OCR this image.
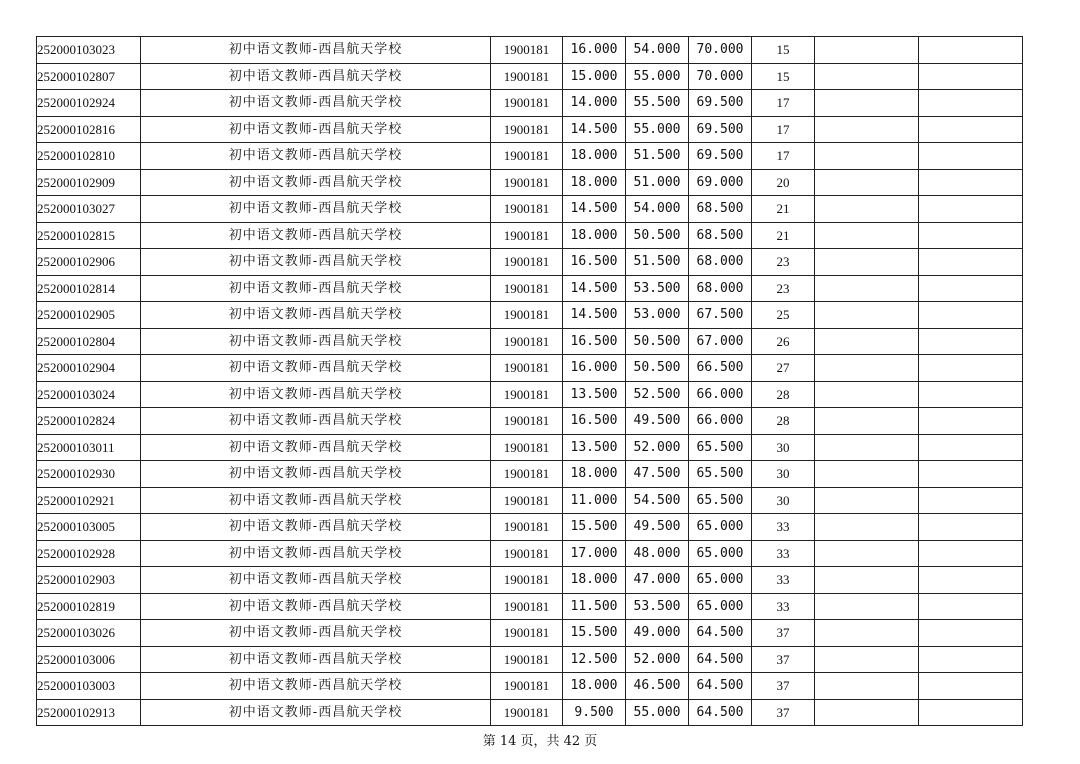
252000103023	初中语文教师-西昌航天学校	1900181	16.000	54.000	70.000	15		
252000102807	初中语文教师-西昌航天学校	1900181	15.000	55.000	70.000	15		
252000102924	初中语文教师-西昌航天学校	1900181	14.000	55.500	69.500	17		
252000102816	初中语文教师-西昌航天学校	1900181	14.500	55.000	69.500	17		
252000102810	初中语文教师-西昌航天学校	1900181	18.000	51.500	69.500	17		
252000102909	初中语文教师-西昌航天学校	1900181	18.000	51.000	69.000	20		
252000103027	初中语文教师-西昌航天学校	1900181	14.500	54.000	68.500	21		
252000102815	初中语文教师-西昌航天学校	1900181	18.000	50.500	68.500	21		
252000102906	初中语文教师-西昌航天学校	1900181	16.500	51.500	68.000	23		
252000102814	初中语文教师-西昌航天学校	1900181	14.500	53.500	68.000	23		
252000102905	初中语文教师-西昌航天学校	1900181	14.500	53.000	67.500	25		
252000102804	初中语文教师-西昌航天学校	1900181	16.500	50.500	67.000	26		
252000102904	初中语文教师-西昌航天学校	1900181	16.000	50.500	66.500	27		
252000103024	初中语文教师-西昌航天学校	1900181	13.500	52.500	66.000	28		
252000102824	初中语文教师-西昌航天学校	1900181	16.500	49.500	66.000	28		
252000103011	初中语文教师-西昌航天学校	1900181	13.500	52.000	65.500	30		
252000102930	初中语文教师-西昌航天学校	1900181	18.000	47.500	65.500	30		
252000102921	初中语文教师-西昌航天学校	1900181	11.000	54.500	65.500	30		
252000103005	初中语文教师-西昌航天学校	1900181	15.500	49.500	65.000	33		
252000102928	初中语文教师-西昌航天学校	1900181	17.000	48.000	65.000	33		
252000102903	初中语文教师-西昌航天学校	1900181	18.000	47.000	65.000	33		
252000102819	初中语文教师-西昌航天学校	1900181	11.500	53.500	65.000	33		
252000103026	初中语文教师-西昌航天学校	1900181	15.500	49.000	64.500	37		
252000103006	初中语文教师-西昌航天学校	1900181	12.500	52.000	64.500	37		
252000103003	初中语文教师-西昌航天学校	1900181	18.000	46.500	64.500	37		
252000102913	初中语文教师-西昌航天学校	1900181	9.500	55.000	64.500	37		
第 14 页，共 42 页
